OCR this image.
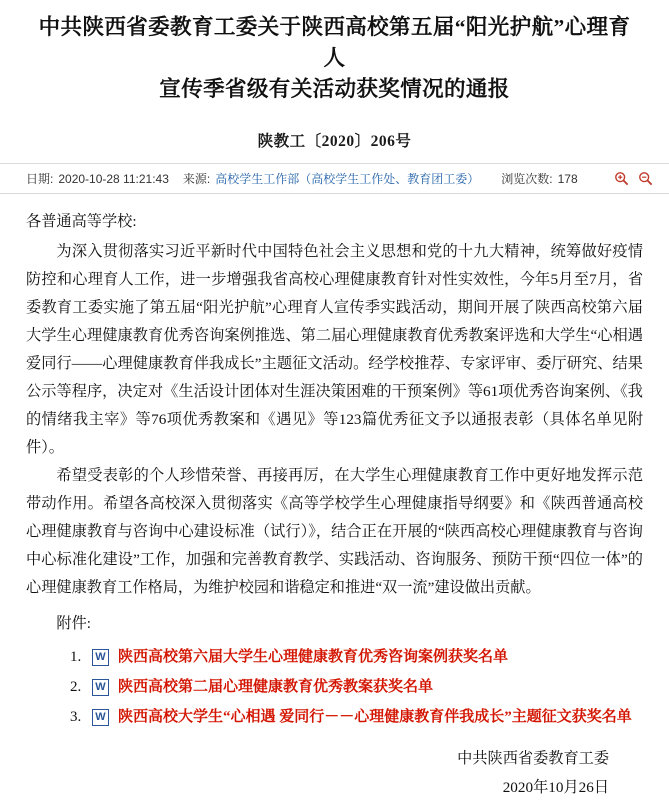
中共陕西省委教育工委关于陕西高校第五届“阳光护航”心理育人
宣传季省级有关活动获奖情况的通报
陕教工〔2020〕206号
日期: 2020-10-28 11:21:43 来源: 高校学生工作部（高校学生工作处、教育团工委） 浏览次数: 178

各普通高等学校:

为深入贯彻落实习近平新时代中国特色社会主义思想和党的十九大精神，统筹做好疫情防控和心理育人工作，进一步增强我省高校心理健康教育针对性实效性，今年5月至7月，省委教育工委实施了第五届“阳光护航”心理育人宣传季实践活动，期间开展了陕西高校第六届大学生心理健康教育优秀咨询案例推选、第二届心理健康教育优秀教案评选和大学生“心相遇 爱同行——心理健康教育伴我成长”主题征文活动。经学校推荐、专家评审、委厅研究、结果公示等程序，决定对《生活设计团体对生涯决策困难的干预案例》等61项优秀咨询案例、《我的情绪我主宰》等76项优秀教案和《遇见》等123篇优秀征文予以通报表彰（具体名单见附件）。

希望受表彰的个人珍惜荣誉、再接再厉，在大学生心理健康教育工作中更好地发挥示范带动作用。希望各高校深入贯彻落实《高等学校学生心理健康指导纲要》和《陕西普通高校心理健康教育与咨询中心建设标准（试行）》，结合正在开展的“陕西高校心理健康教育与咨询中心标准化建设”工作，加强和完善教育教学、实践活动、咨询服务、预防干预“四位一体”的心理健康教育工作格局，为维护校园和谐稳定和推进“双一流”建设做出贡献。

附件:

1.	W 陕西高校第六届大学生心理健康教育优秀咨询案例获奖名单
2.	W 陕西高校第二届心理健康教育优秀教案获奖名单
3.	W 陕西高校大学生“心相遇 爱同行－－心理健康教育伴我成长”主题征文获奖名单
中共陕西省委教育工委
2020年10月26日
